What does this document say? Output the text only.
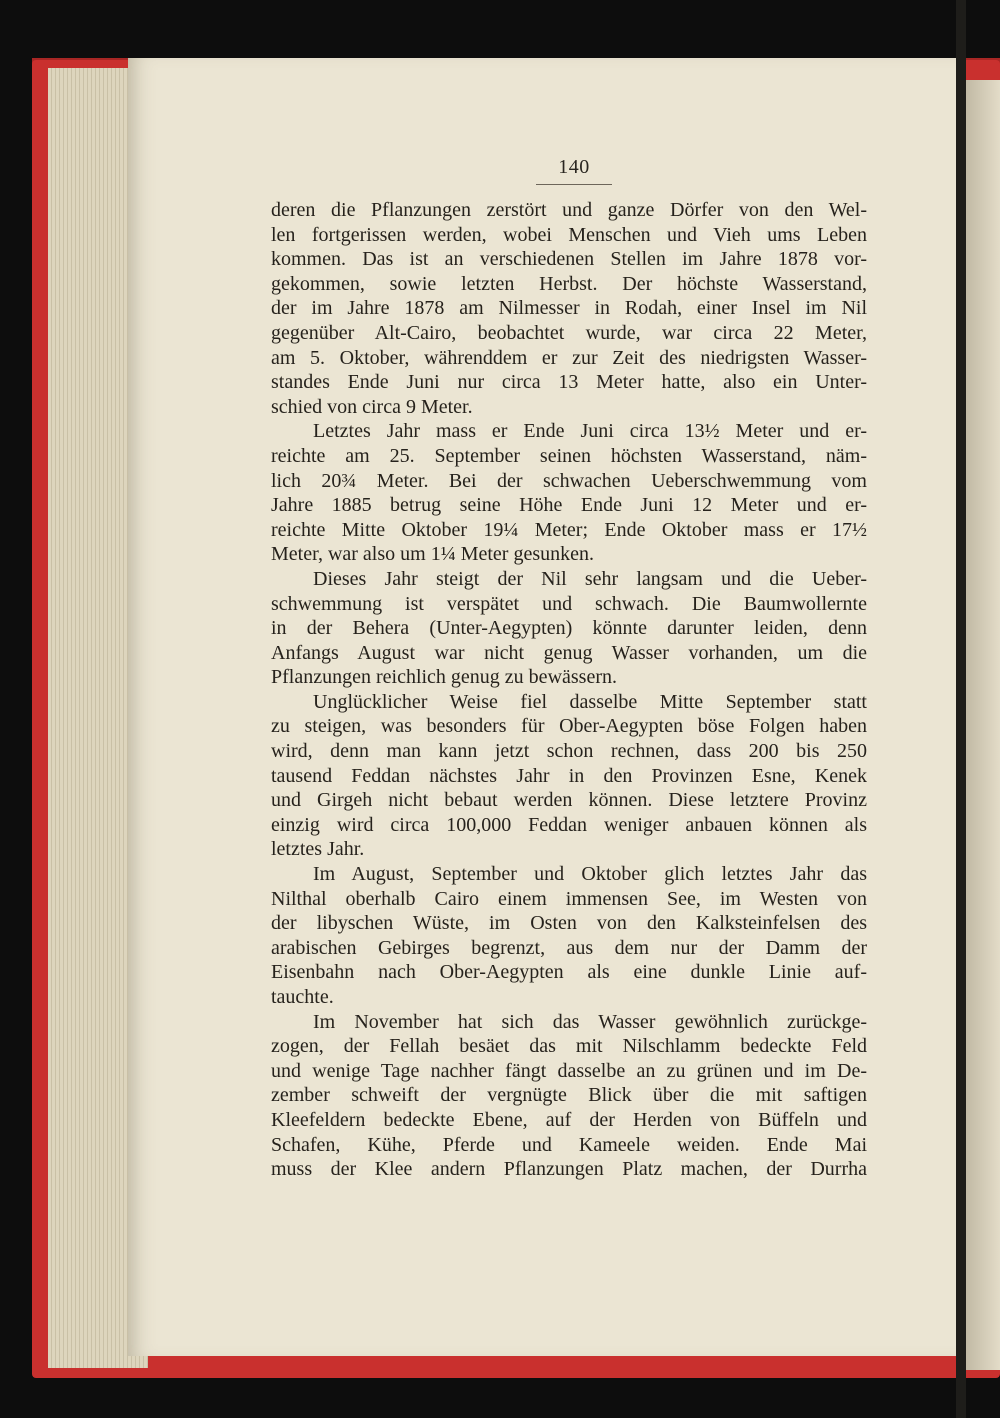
140
deren die Pflanzungen zerstört und ganze Dörfer von den Wel-
len fortgerissen werden, wobei Menschen und Vieh ums Leben
kommen. Das ist an verschiedenen Stellen im Jahre 1878 vor-
gekommen, sowie letzten Herbst. Der höchste Wasserstand,
der im Jahre 1878 am Nilmesser in Rodah, einer Insel im Nil
gegenüber Alt-Cairo, beobachtet wurde, war circa 22 Meter,
am 5. Oktober, währenddem er zur Zeit des niedrigsten Wasser-
standes Ende Juni nur circa 13 Meter hatte, also ein Unter-
schied von circa 9 Meter.
Letztes Jahr mass er Ende Juni circa 13½ Meter und er-
reichte am 25. September seinen höchsten Wasserstand, näm-
lich 20¾ Meter. Bei der schwachen Ueberschwemmung vom
Jahre 1885 betrug seine Höhe Ende Juni 12 Meter und er-
reichte Mitte Oktober 19¼ Meter; Ende Oktober mass er 17½
Meter, war also um 1¼ Meter gesunken.
Dieses Jahr steigt der Nil sehr langsam und die Ueber-
schwemmung ist verspätet und schwach. Die Baumwollernte
in der Behera (Unter-Aegypten) könnte darunter leiden, denn
Anfangs August war nicht genug Wasser vorhanden, um die
Pflanzungen reichlich genug zu bewässern.
Unglücklicher Weise fiel dasselbe Mitte September statt
zu steigen, was besonders für Ober-Aegypten böse Folgen haben
wird, denn man kann jetzt schon rechnen, dass 200 bis 250
tausend Feddan nächstes Jahr in den Provinzen Esne, Kenek
und Girgeh nicht bebaut werden können. Diese letztere Provinz
einzig wird circa 100,000 Feddan weniger anbauen können als
letztes Jahr.
Im August, September und Oktober glich letztes Jahr das
Nilthal oberhalb Cairo einem immensen See, im Westen von
der libyschen Wüste, im Osten von den Kalksteinfelsen des
arabischen Gebirges begrenzt, aus dem nur der Damm der
Eisenbahn nach Ober-Aegypten als eine dunkle Linie auf-
tauchte.
Im November hat sich das Wasser gewöhnlich zurückge-
zogen, der Fellah besäet das mit Nilschlamm bedeckte Feld
und wenige Tage nachher fängt dasselbe an zu grünen und im De-
zember schweift der vergnügte Blick über die mit saftigen
Kleefeldern bedeckte Ebene, auf der Herden von Büffeln und
Schafen, Kühe, Pferde und Kameele weiden. Ende Mai
muss der Klee andern Pflanzungen Platz machen, der Durrha
